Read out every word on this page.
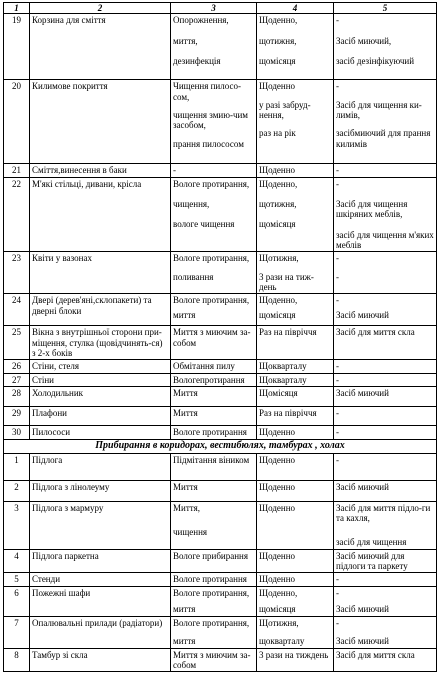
1	2	3	4	5
19	Корзина для сміття	Опорожнення,
миття,
дезинфекція	Щоденно,
щотижня,
щомісяця	-
Засіб миючий,
засіб дезінфікуючий

20	Килимове покриття	Чищення пилосо-сом,
чищення змию-чим засобом,
прання пилососом	Щоденно
у разі забруд-нення,
раз на рік	-
Засіб для чищення ки-лимів,
засібмиючий для прання килимів

21	Сміття,винесення в баки	-	Щоденно	-

22	М'які стільці, дивани, крісла	Вологе протирання,
чищення,
вологе чищення	Щоденно,
щотижня,
щомісяця	-
Засіб для чищення шкіряних меблів,
засіб для чищення м'яких меблів

23	Квіти у вазонах	Вологе протирання,
поливання	Щотижня,
3 рази на тиж-день	-
-

24	Двері (дерев'яні,склопакети) та дверні блоки	Вологе протирання,
миття	Щоденно,
щомісяця	-
Засіб миючий

25	Вікна з внутрішньої сторони при-міщення, стулка (щовідчинять-ся) з 2-х боків	Миття з миючим за-собом	Раз на півріччя	Засіб для миття скла

26	Стіни, стеля	Обмітання пилу	Щокварталу	-

27	Стіни	Вологепротирання	Щокварталу	-

28	Холодильник	Миття	Щомісяця	Засіб миючий

29	Плафони	Миття	Раз на півріччя	-

30	Пилососи	Вологе протирання	Щоденно	-

Прибирання в коридорах, вестибюлях, тамбурах , холах				
1	Підлога	Підмітання віником	Щоденно	-

2	Підлога з лінолеуму	Миття	Щоденно	Засіб миючий

3	Підлога з мармуру	Миття,
чищення	Щоденно	Засіб для миття підло-ги та кахля,
засіб для чищення

4	Підлога паркетна	Вологе прибирання	Щоденно	Засіб миючий для підлоги та паркету

5	Стенди	Вологе протирання	Щоденно	-

6	Пожежні шафи	Вологе протирання,
миття	Щоденно,
щомісяця	-
Засіб миючий

7	Опалювальні прилади (радіатори)	Вологе протирання,
миття	Щотижня,
щокварталу	-
Засіб миючий

8	Тамбур зі скла	Миття з миючим за-собом	3 рази на тиждень	Засіб для миття скла
